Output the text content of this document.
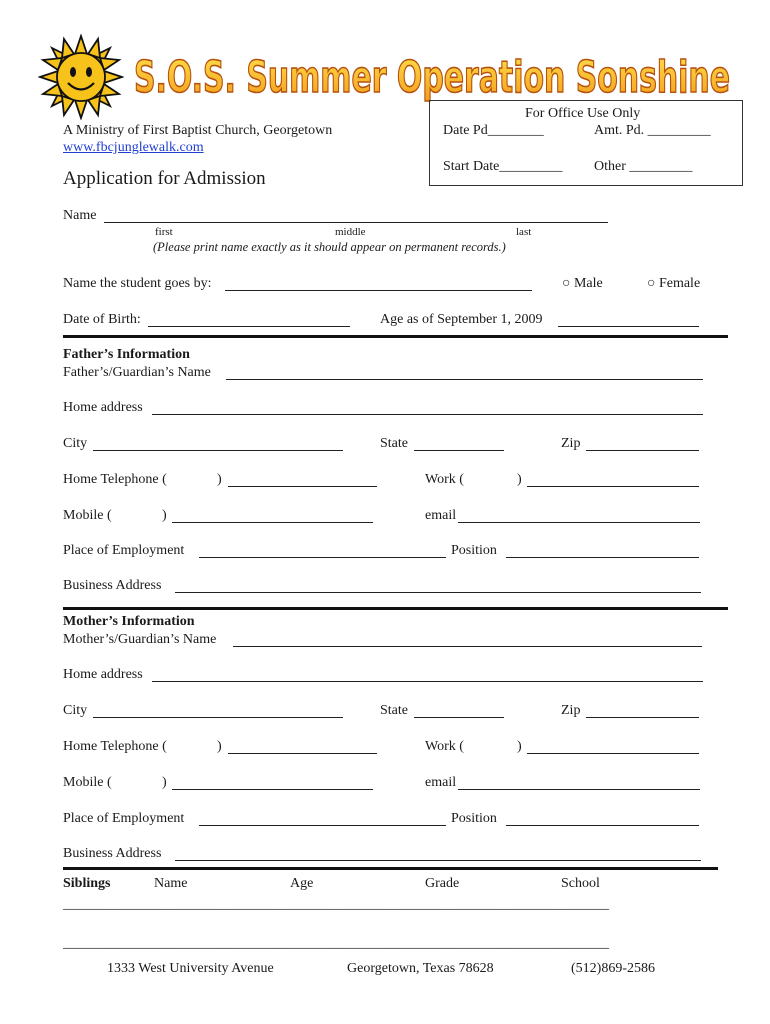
S.O.S. Summer Operation Sonshine
For Office Use Only
Date Pd________	Amt. Pd. _________
Start Date_________ Other _________
A Ministry of First Baptist Church, Georgetown
www.fbcjunglewalk.com
Application for Admission
Name
first	middle	last
(Please print name exactly as it should appear on permanent records.)
Name the student goes by:	○ Male	○ Female
Date of Birth:	Age as of September 1, 2009
Father’s Information
Father’s/Guardian’s Name
Home address
City	State	Zip
Home Telephone (	)	Work (	)
Mobile (	)	email
Place of Employment	Position
Business Address
Mother’s Information
Mother’s/Guardian’s Name
Home address
City	State	Zip
Home Telephone (	)	Work (	)
Mobile (	)	email
Place of Employment	Position
Business Address
Siblings	Name	Age	Grade	School
______________________________________________________________________________
______________________________________________________________________________
1333 West University Avenue	Georgetown, Texas 78628	(512)869-2586
